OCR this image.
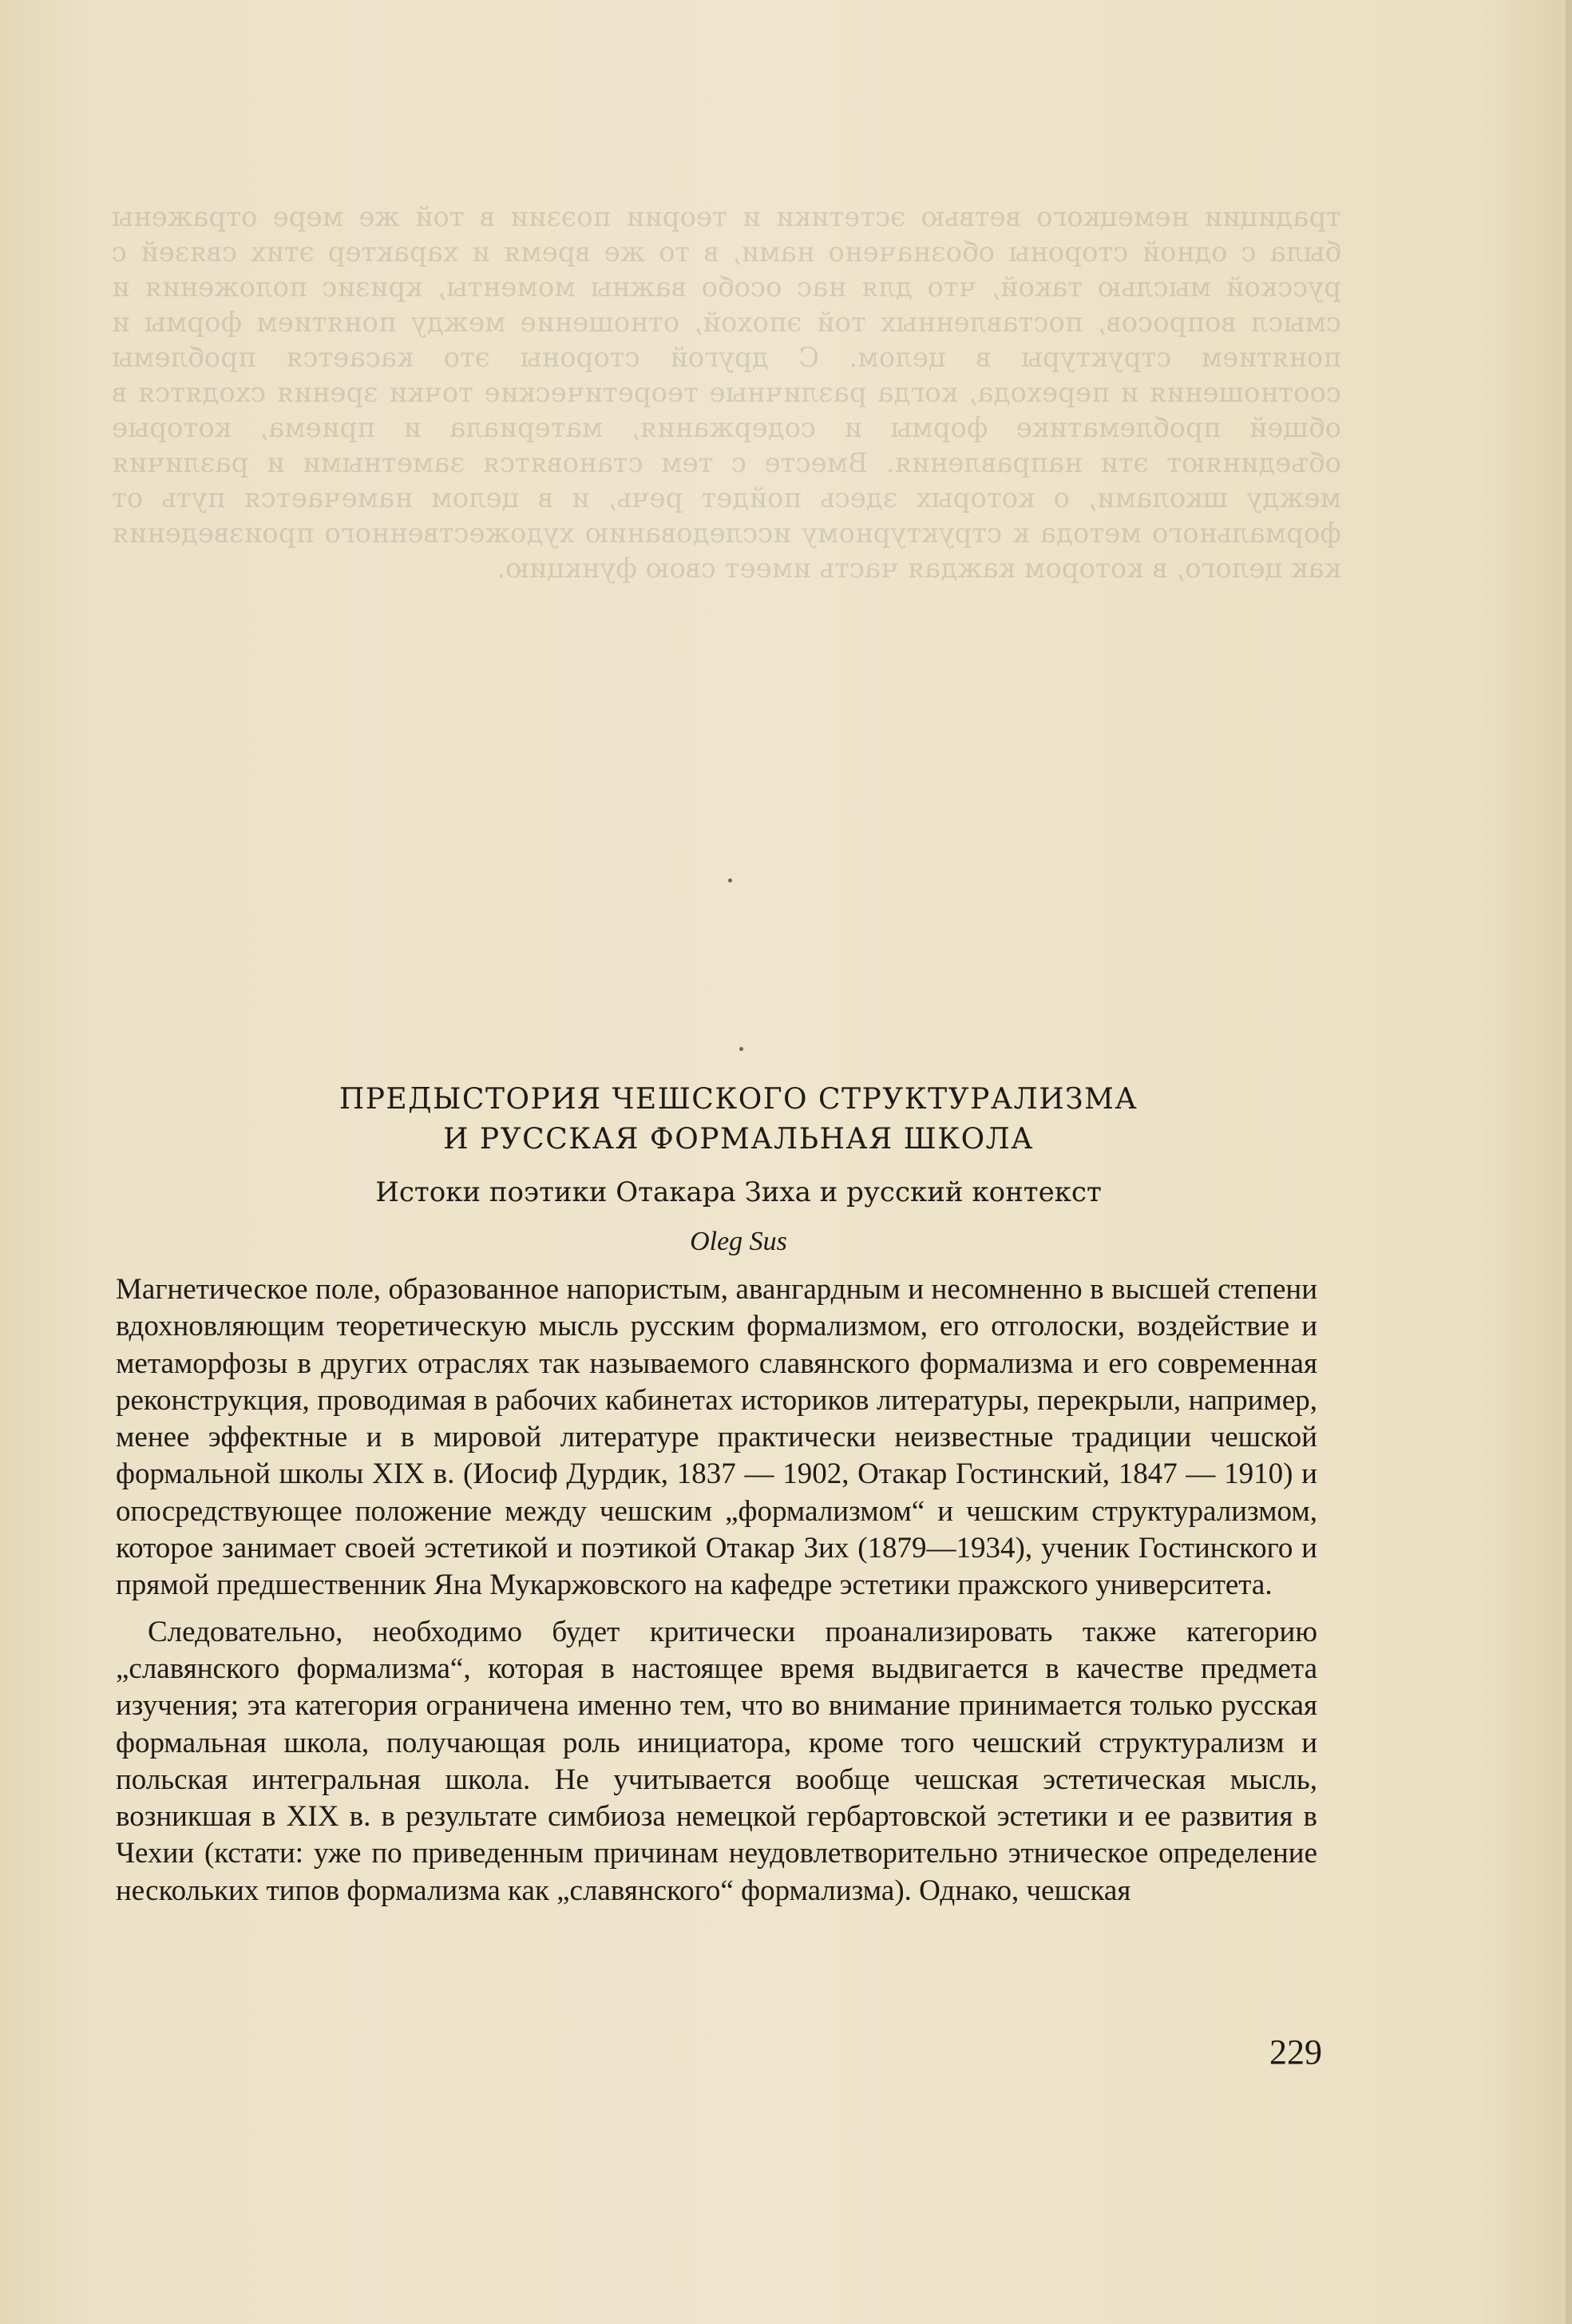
традиции немецкого ветвью эстетики и теории поэзии в той же мере отражены была с одной стороны обозначено нами, в то же время и характер этих связей с русской мыслью такой, что для нас особо важны моменты, кризис положения и смысл вопросов, поставленных той эпохой, отношение между понятием формы и понятием структуры в целом. С другой стороны это касается проблемы соотношения и перехода, когда различные теоретические точки зрения сходятся в общей проблематике формы и содержания, материала и приема, которые объединяют эти направления. Вместе с тем становятся заметными и различия между школами, о которых здесь пойдет речь, и в целом намечается путь от формального метода к структурному исследованию художественного произведения как целого, в котором каждая часть имеет свою функцию.

ПРЕДЫСТОРИЯ ЧЕШСКОГО СТРУКТУРАЛИЗМА
И РУССКАЯ ФОРМАЛЬНАЯ ШКОЛА
Истоки поэтики Отакара Зиха и русский контекст
Oleg Sus

Магнетическое поле, образованное напористым, авангардным и несомненно в высшей степени вдохновляющим теоретическую мысль русским формализмом, его отголоски, воздействие и метаморфозы в других отраслях так называемого славянского формализма и его современная реконструкция, проводимая в рабочих кабинетах историков литературы, перекрыли, например, менее эффектные и в мировой литературе практически неизвестные традиции чешской формальной школы XIX в. (Иосиф Дурдик, 1837 — 1902, Отакар Гостинский, 1847 — 1910) и опосредствующее положение между чешским „формализмом“ и чешским структурализмом, которое занимает своей эстетикой и поэтикой Отакар Зих (1879—1934), ученик Гостинского и прямой предшественник Яна Мукаржовского на кафедре эстетики пражского университета.

Следовательно, необходимо будет критически проанализировать также категорию „славянского формализма“, которая в настоящее время выдвигается в качестве предмета изучения; эта категория ограничена именно тем, что во внимание принимается только русская формальная школа, получающая роль инициатора, кроме того чешский структурализм и польская интегральная школа. Не учитывается вообще чешская эстетическая мысль, возникшая в XIX в. в результате симбиоза немецкой гербартовской эстетики и ее развития в Чехии (кстати: уже по приведенным причинам неудовлетворительно этническое определение нескольких типов формализма как „славянского“ формализма). Однако, чешская

229
